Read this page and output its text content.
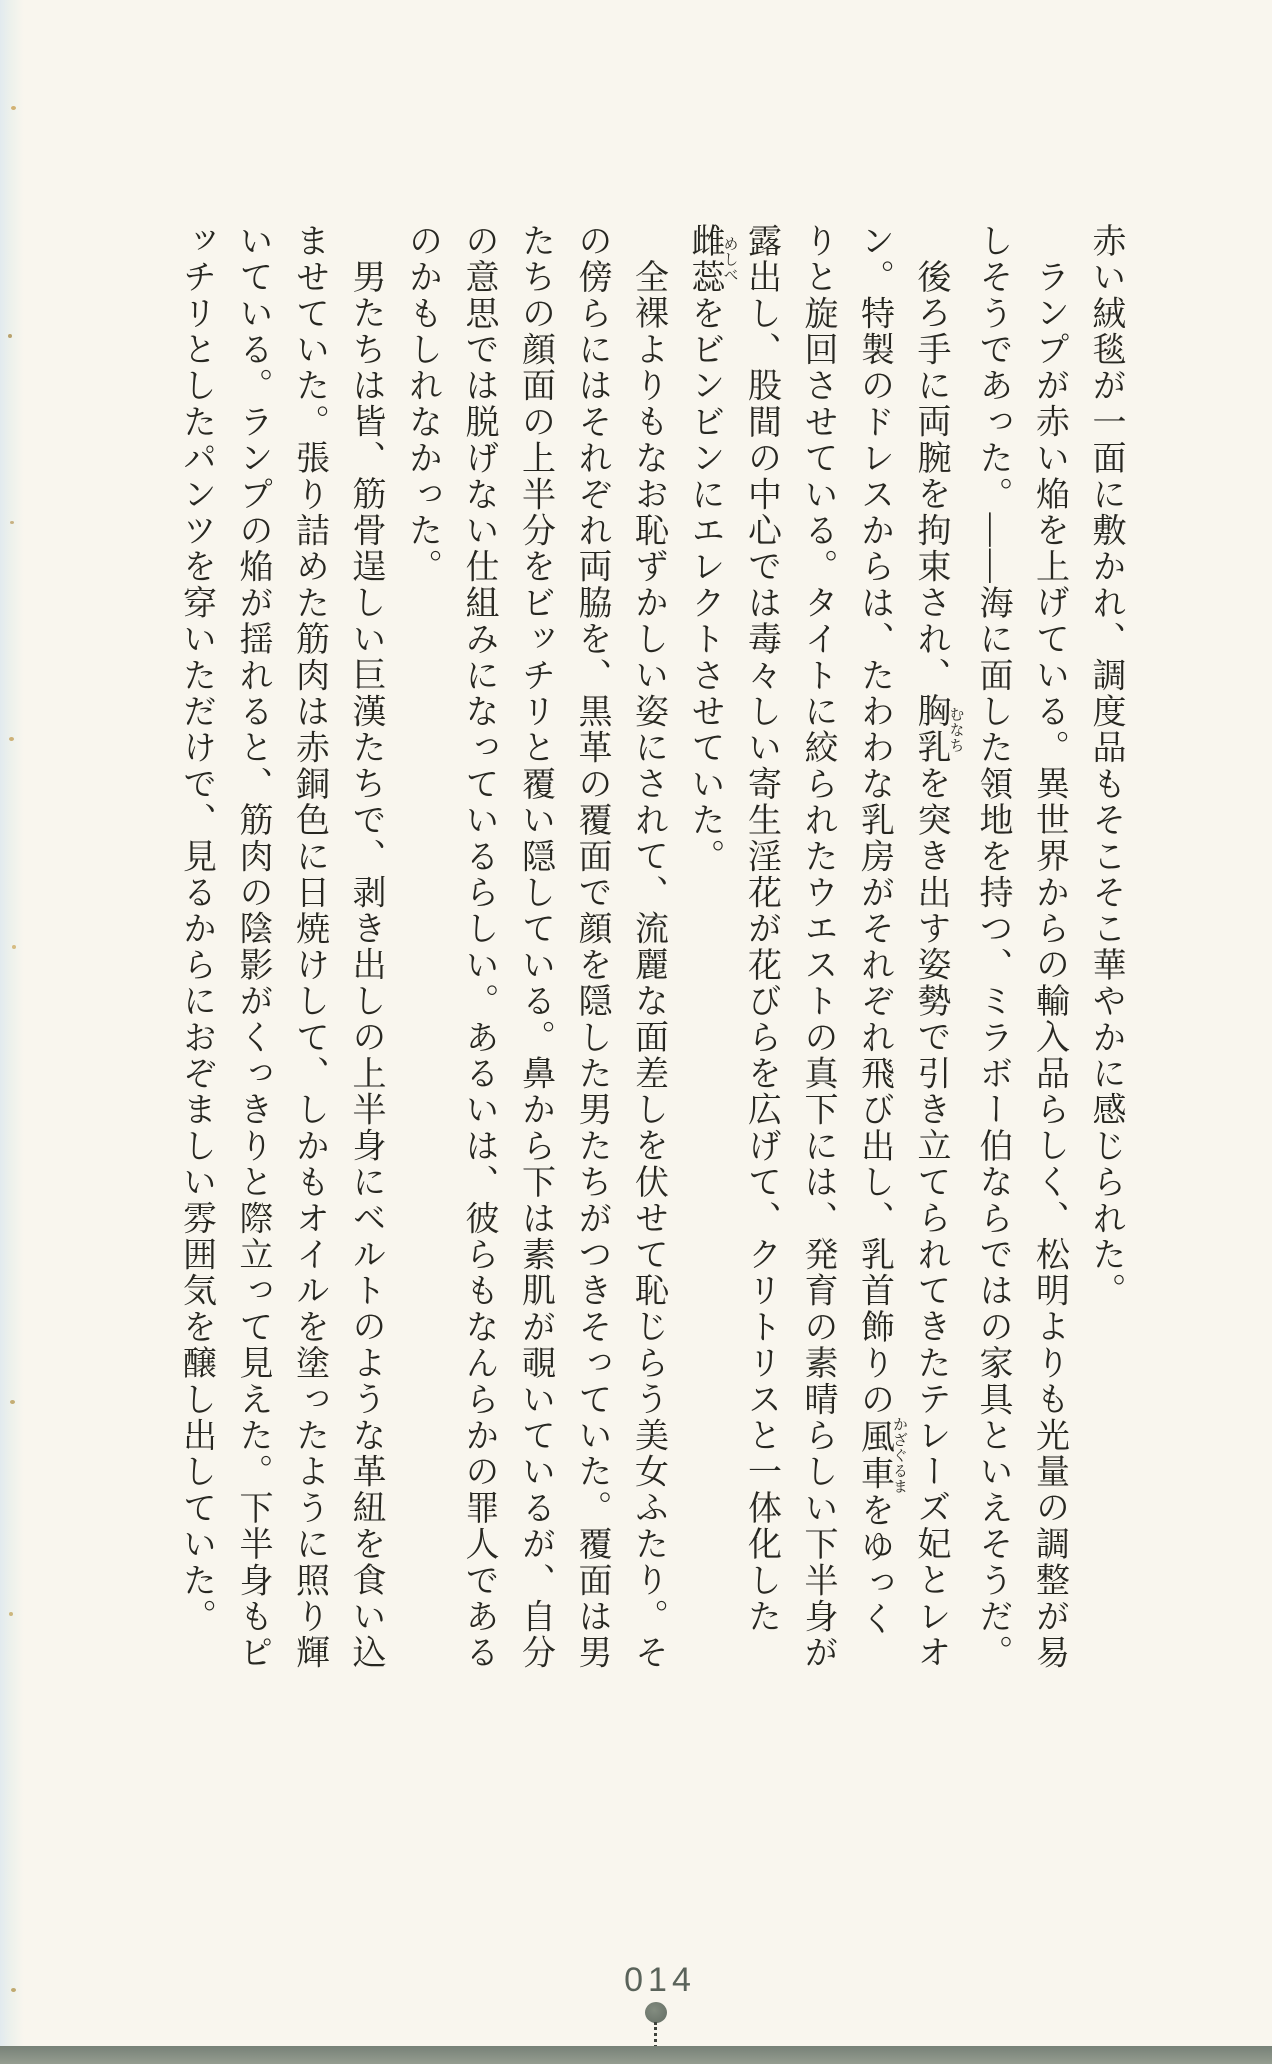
赤い絨毯が一面に敷かれ、調度品もそこそこ華やかに感じられた。

ランプが赤い焔を上げている。異世界からの輸入品らしく、松明よりも光量の調整が易しそうであった。――海に面した領地を持つ、ミラボー伯ならではの家具といえそうだ。

後ろ手に両腕を拘束され、胸乳むなちを突き出す姿勢で引き立てられてきたテレーズ妃とレオン。特製のドレスからは、たわわな乳房がそれぞれ飛び出し、乳首飾りの風車かざぐるまをゆっくりと旋回させている。タイトに絞られたウエストの真下には、発育の素晴らしい下半身が露出し、股間の中心では毒々しい寄生淫花が花びらを広げて、クリトリスと一体化した雌蕊めしべをビンビンにエレクトさせていた。

全裸よりもなお恥ずかしい姿にされて、流麗な面差しを伏せて恥じらう美女ふたり。その傍らにはそれぞれ両脇を、黒革の覆面で顔を隠した男たちがつきそっていた。覆面は男たちの顔面の上半分をビッチリと覆い隠している。鼻から下は素肌が覗いているが、自分の意思では脱げない仕組みになっているらしい。あるいは、彼らもなんらかの罪人であるのかもしれなかった。

男たちは皆、筋骨逞しい巨漢たちで、剥き出しの上半身にベルトのような革紐を食い込ませていた。張り詰めた筋肉は赤銅色に日焼けして、しかもオイルを塗ったように照り輝いている。ランプの焔が揺れると、筋肉の陰影がくっきりと際立って見えた。下半身もピッチリとしたパンツを穿いただけで、見るからにおぞましい雰囲気を醸し出していた。

014
